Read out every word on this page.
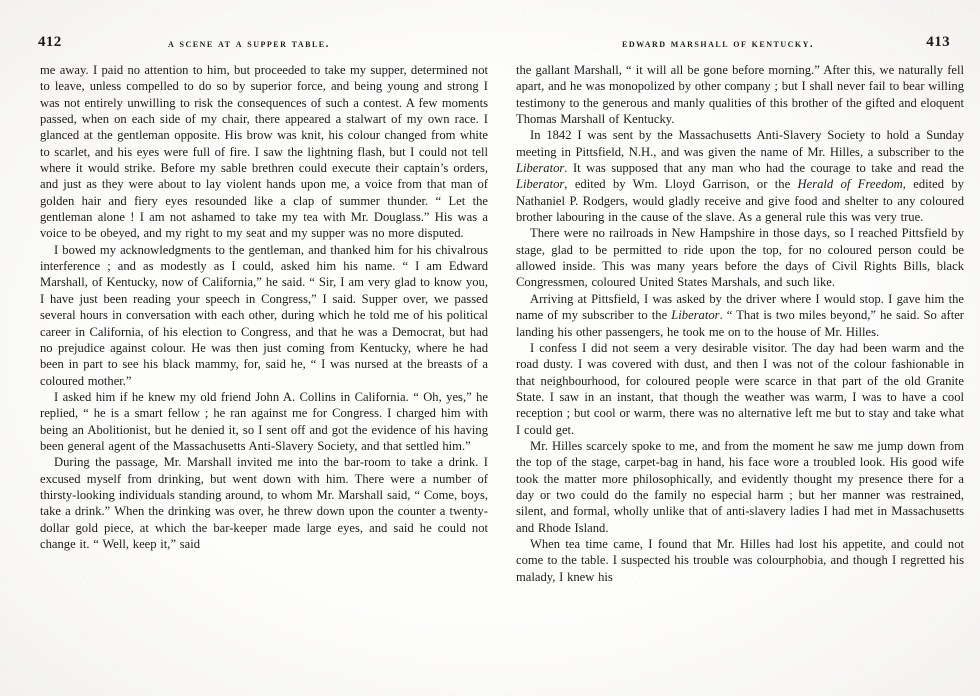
412	a scene at a supper table.	edward marshall of kentucky.	413

me away. I paid no attention to him, but proceeded to take my supper, determined not to leave, unless compelled to do so by superior force, and being young and strong I was not entirely unwilling to risk the consequences of such a contest. A few moments passed, when on each side of my chair, there appeared a stalwart of my own race. I glanced at the gentleman opposite. His brow was knit, his colour changed from white to scarlet, and his eyes were full of fire. I saw the lightning flash, but I could not tell where it would strike. Before my sable brethren could execute their captain’s orders, and just as they were about to lay violent hands upon me, a voice from that man of golden hair and fiery eyes resounded like a clap of summer thunder. “ Let the gentleman alone ! I am not ashamed to take my tea with Mr. Douglass.” His was a voice to be obeyed, and my right to my seat and my supper was no more disputed.

I bowed my acknowledgments to the gentleman, and thanked him for his chivalrous interference ; and as modestly as I could, asked him his name. “ I am Edward Marshall, of Kentucky, now of California,” he said. “ Sir, I am very glad to know you, I have just been reading your speech in Congress,” I said. Supper over, we passed several hours in conversation with each other, during which he told me of his political career in California, of his election to Congress, and that he was a Democrat, but had no prejudice against colour. He was then just coming from Kentucky, where he had been in part to see his black mammy, for, said he, “ I was nursed at the breasts of a coloured mother.”

I asked him if he knew my old friend John A. Collins in California. “ Oh, yes,” he replied, “ he is a smart fellow ; he ran against me for Congress. I charged him with being an Abolitionist, but he denied it, so I sent off and got the evidence of his having been general agent of the Massachusetts Anti-Slavery Society, and that settled him.”

During the passage, Mr. Marshall invited me into the bar-room to take a drink. I excused myself from drinking, but went down with him. There were a number of thirsty-looking individuals standing around, to whom Mr. Marshall said, “ Come, boys, take a drink.” When the drinking was over, he threw down upon the counter a twenty-dollar gold piece, at which the bar-keeper made large eyes, and said he could not change it. “ Well, keep it,” said

the gallant Marshall, “ it will all be gone before morning.” After this, we naturally fell apart, and he was monopolized by other company ; but I shall never fail to bear willing testimony to the generous and manly qualities of this brother of the gifted and eloquent Thomas Marshall of Kentucky.

In 1842 I was sent by the Massachusetts Anti-Slavery Society to hold a Sunday meeting in Pittsfield, N.H., and was given the name of Mr. Hilles, a subscriber to the Liberator. It was supposed that any man who had the courage to take and read the Liberator, edited by Wm. Lloyd Garrison, or the Herald of Freedom, edited by Nathaniel P. Rodgers, would gladly receive and give food and shelter to any coloured brother labouring in the cause of the slave. As a general rule this was very true.

There were no railroads in New Hampshire in those days, so I reached Pittsfield by stage, glad to be permitted to ride upon the top, for no coloured person could be allowed inside. This was many years before the days of Civil Rights Bills, black Congressmen, coloured United States Marshals, and such like.

Arriving at Pittsfield, I was asked by the driver where I would stop. I gave him the name of my subscriber to the Liberator. “ That is two miles beyond,” he said. So after landing his other passengers, he took me on to the house of Mr. Hilles.

I confess I did not seem a very desirable visitor. The day had been warm and the road dusty. I was covered with dust, and then I was not of the colour fashionable in that neighbourhood, for coloured people were scarce in that part of the old Granite State. I saw in an instant, that though the weather was warm, I was to have a cool reception ; but cool or warm, there was no alternative left me but to stay and take what I could get.

Mr. Hilles scarcely spoke to me, and from the moment he saw me jump down from the top of the stage, carpet-bag in hand, his face wore a troubled look. His good wife took the matter more philosophically, and evidently thought my presence there for a day or two could do the family no especial harm ; but her manner was restrained, silent, and formal, wholly unlike that of anti-slavery ladies I had met in Massachusetts and Rhode Island.

When tea time came, I found that Mr. Hilles had lost his appetite, and could not come to the table. I suspected his trouble was colourphobia, and though I regretted his malady, I knew his
